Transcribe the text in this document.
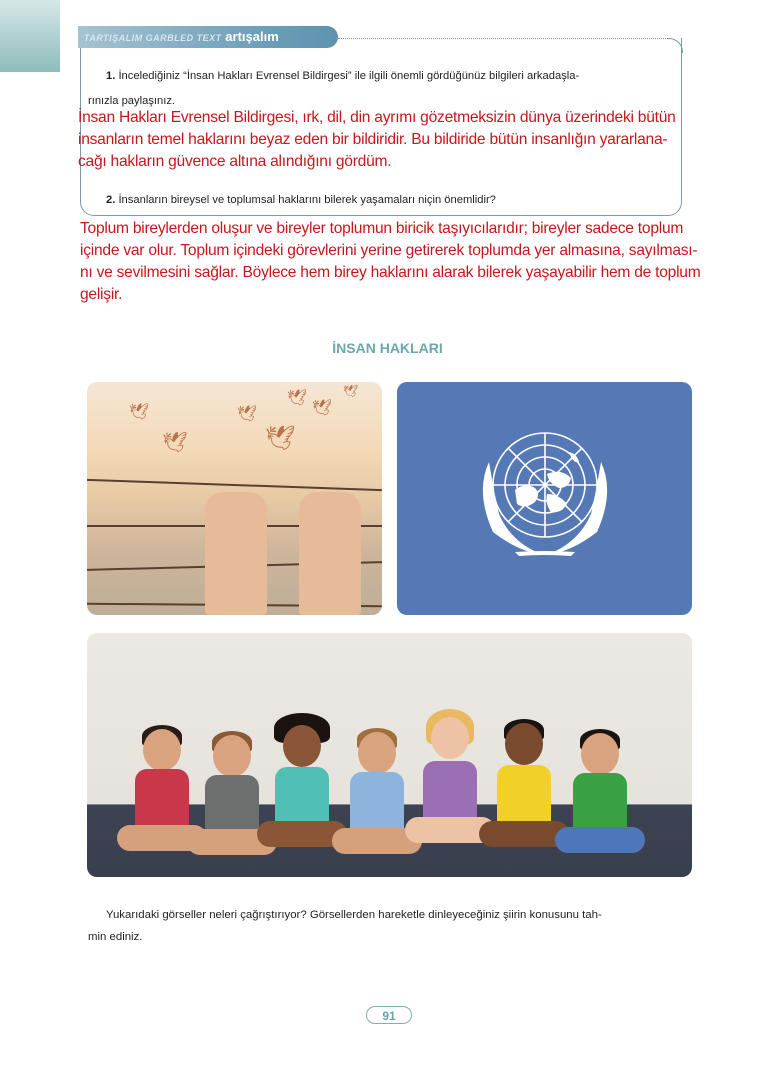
TARTIŞALIM GARBLED TEXT artışalım
1. İncelediğiniz “İnsan Hakları Evrensel Bildirgesi” ile ilgili önemli gördüğünüz bilgileri arkadaşla-
rınızla paylaşınız.
İnsan Hakları Evrensel Bildirgesi, ırk, dil, din ayrımı gözetmeksizin dünya üzerindeki bütün
insanların temel haklarını beyaz eden bir bildiridir. Bu bildiride bütün insanlığın yararlana-
cağı hakların güvence altına alındığını gördüm.
2. İnsanların bireysel ve toplumsal haklarını bilerek yaşamaları niçin önemlidir?
Toplum bireylerden oluşur ve bireyler toplumun biricik taşıyıcılarıdır; bireyler sadece toplum
içinde var olur. Toplum içindeki görevlerini yerine getirerek toplumda yer almasına, sayılması-
nı ve sevilmesini sağlar. Böylece hem birey haklarını alarak bilerek yaşayabilir hem de toplum
gelişir.
İNSAN HAKLARI
🕊
🕊
🕊
🕊
🕊
🕊
🕊
Yukarıdaki görseller neleri çağrıştırıyor? Görsellerden hareketle dinleyeceğiniz şiirin konusunu tah-
min ediniz.
91
